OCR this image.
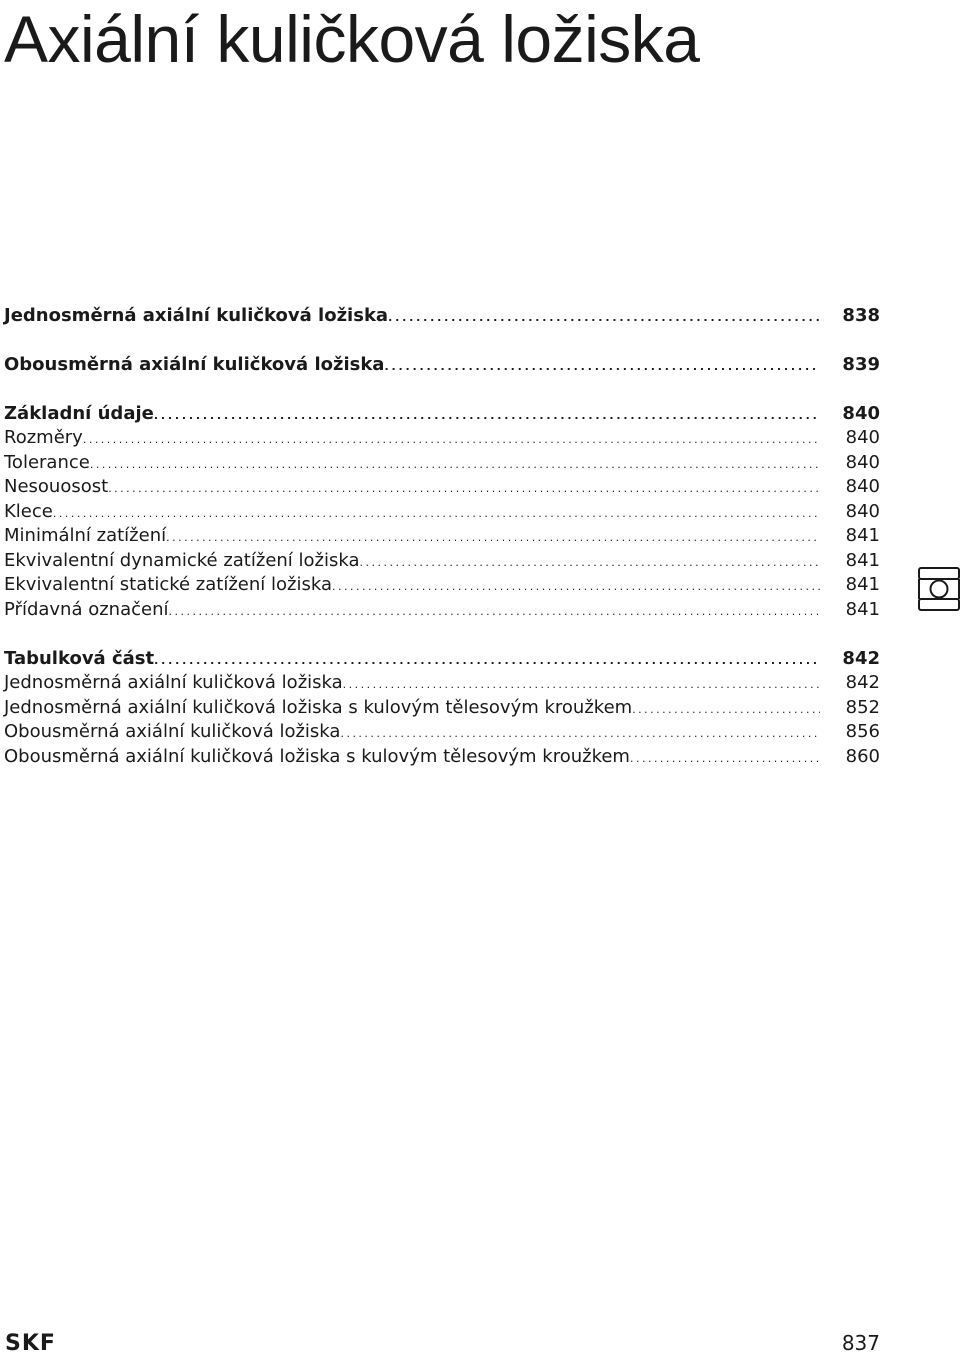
Axiální kuličková ložiska
Jednosměrná axiální kuličková ložiska . . .	838
Obousměrná axiální kuličková ložiska . . .	839
Základní údaje . . .	840
Rozměry . . .	840
Tolerance . . .	840
Nesouosost . . .	840
Klece . . .	840
Minimální zatížení . . .	841
Ekvivalentní dynamické zatížení ložiska . . .	841
Ekvivalentní statické zatížení ložiska . . .	841
Přídavná označení . . .	841
Tabulková část . . .	842
Jednosměrná axiální kuličková ložiska . . .	842
Jednosměrná axiální kuličková ložiska s kulovým tělesovým kroužkem . . .	852
Obousměrná axiální kuličková ložiska . . .	856
Obousměrná axiální kuličková ložiska s kulovým tělesovým kroužkem . . .	860
SKF	837
